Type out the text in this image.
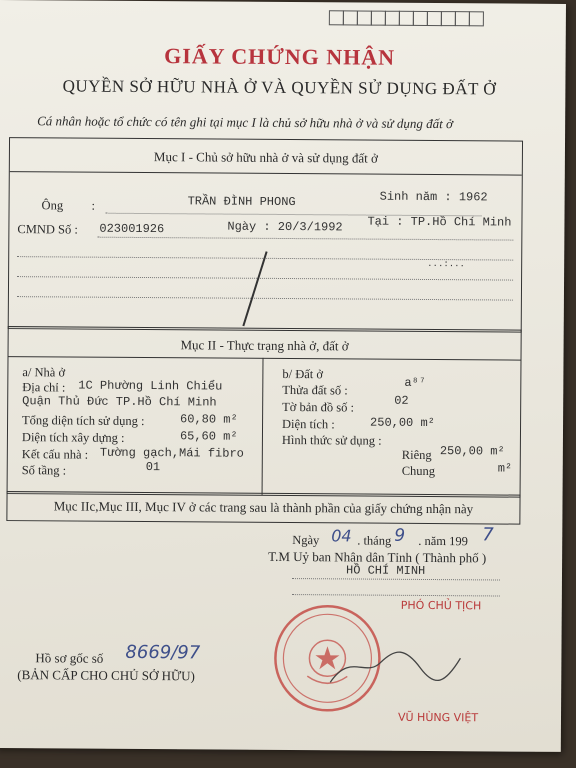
GIẤY CHỨNG NHẬN
QUYỀN SỞ HỮU NHÀ Ở VÀ QUYỀN SỬ DỤNG ĐẤT Ở
Cá nhân hoặc tổ chức có tên ghi tại mục I là chủ sở hữu nhà ở và sử dụng đất ở
Mục I - Chủ sở hữu nhà ở và sử dụng đất ở
Ông :	TRẦN ĐÌNH PHONG	Sinh năm : 1962
CMND Số : 023001926	Ngày : 20/3/1992 Tại : TP.Hồ Chí Minh
...:...
Mục II - Thực trạng nhà ở, đất ở
a/ Nhà ở
Địa chỉ : 1C Phường Linh Chiểu
Quận Thủ Đức TP.Hồ Chí Minh
Tổng diện tích sử dụng :	60,80 m²
Diện tích xây dựng :	65,60 m²
Kết cấu nhà : Tường gạch,Mái fibro
Số tầng :	01
b/ Đất ở
Thửa đất số :
a⁸⁷
Tờ bản đồ số :	02
Diện tích :	250,00 m²
Hình thức sử dụng :
Riêng 250,00 m²
Chung	m²
Mục IIc,Mục III, Mục IV ở các trang sau là thành phần của giấy chứng nhận này
Ngày 04 . tháng 9 . năm 199 7
T.M Uỷ ban Nhân dân Tỉnh ( Thành phố )
HỒ CHÍ MINH
PHÓ CHỦ TỊCH
VŨ HÙNG VIỆT
Hồ sơ gốc số 8669/97
(BẢN CẤP CHO CHỦ SỞ HỮU)
